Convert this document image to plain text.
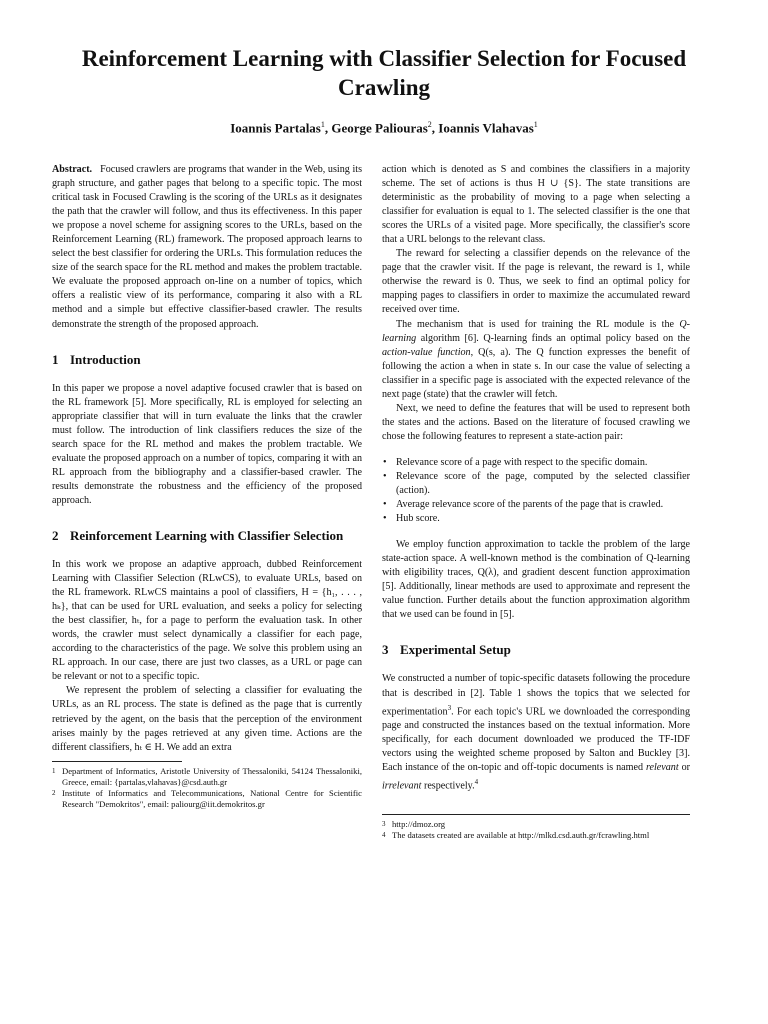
Reinforcement Learning with Classifier Selection for Focused Crawling
Ioannis Partalas$^1$, George Paliouras$^2$, Ioannis Vlahavas$^1$

Abstract. Focused crawlers are programs that wander in the Web, using its graph structure, and gather pages that belong to a specific topic. The most critical task in Focused Crawling is the scoring of the URLs as it designates the path that the crawler will follow, and thus its effectiveness. In this paper we propose a novel scheme for assigning scores to the URLs, based on the Reinforcement Learning (RL) framework. The proposed approach learns to select the best classifier for ordering the URLs. This formulation reduces the size of the search space for the RL method and makes the problem tractable. We evaluate the proposed approach on-line on a number of topics, which offers a realistic view of its performance, comparing it also with a RL method and a simple but effective classifier-based crawler. The results demonstrate the strength of the proposed approach.

1 Introduction

In this paper we propose a novel adaptive focused crawler that is based on the RL framework [5]. More specifically, RL is employed for selecting an appropriate classifier that will in turn evaluate the links that the crawler must follow. The introduction of link classifiers reduces the size of the search space for the RL method and makes the problem tractable. We evaluate the proposed approach on a number of topics, comparing it with an RL approach from the bibliography and a classifier-based crawler. The results demonstrate the robustness and the efficiency of the proposed approach.

2 Reinforcement Learning with Classifier Selection

In this work we propose an adaptive approach, dubbed Reinforcement Learning with Classifier Selection (RLwCS), to evaluate URLs, based on the RL framework. RLwCS maintains a pool of classifiers, H = {h₁, . . . , hₖ}, that can be used for URL evaluation, and seeks a policy for selecting the best classifier, hₜ, for a page to perform the evaluation task. In other words, the crawler must select dynamically a classifier for each page, according to the characteristics of the page. We solve this problem using an RL approach. In our case, there are just two classes, as a URL or page can be relevant or not to a specific topic.

We represent the problem of selecting a classifier for evaluating the URLs, as an RL process. The state is defined as the page that is currently retrieved by the agent, on the basis that the perception of the environment arises mainly by the pages retrieved at any given time. Actions are the different classifiers, hₜ ∈ H. We add an extra

1 Department of Informatics, Aristotle University of Thessaloniki, 54124 Thessaloniki, Greece, email: {partalas,vlahavas}@csd.auth.gr
2 Institute of Informatics and Telecommunications, National Centre for Scientific Research "Demokritos", email: paliourg@iit.demokritos.gr

action which is denoted as S and combines the classifiers in a majority scheme. The set of actions is thus H ∪ {S}. The state transitions are deterministic as the probability of moving to a page when selecting a classifier for evaluation is equal to 1. The selected classifier is the one that scores the URLs of a visited page. More specifically, the classifier's score that a URL belongs to the relevant class.

The reward for selecting a classifier depends on the relevance of the page that the crawler visit. If the page is relevant, the reward is 1, while otherwise the reward is 0. Thus, we seek to find an optimal policy for mapping pages to classifiers in order to maximize the accumulated reward received over time.

The mechanism that is used for training the RL module is the Q-learning algorithm [6]. Q-learning finds an optimal policy based on the action-value function, Q(s, a). The Q function expresses the benefit of following the action a when in state s. In our case the value of selecting a classifier in a specific page is associated with the expected relevance of the next page (state) that the crawler will fetch.

Next, we need to define the features that will be used to represent both the states and the actions. Based on the literature of focused crawling we chose the following features to represent a state-action pair:

• Relevance score of a page with respect to the specific domain.
• Relevance score of the page, computed by the selected classifier (action).
• Average relevance score of the parents of the page that is crawled.
• Hub score.

We employ function approximation to tackle the problem of the large state-action space. A well-known method is the combination of Q-learning with eligibility traces, Q(λ), and gradient descent function approximation [5]. Additionally, linear methods are used to approximate and represent the value function. Further details about the function approximation algorithm that we used can be found in [5].

3 Experimental Setup

We constructed a number of topic-specific datasets following the procedure that is described in [2]. Table 1 shows the topics that we selected for experimentation$^3$. For each topic's URL we downloaded the corresponding page and constructed the instances based on the textual information. More specifically, for each document downloaded we produced the TF-IDF vectors using the weighted scheme proposed by Salton and Buckley [3]. Each instance of the on-topic and off-topic documents is named relevant or irrelevant respectively.$^4$

3 http://dmoz.org
4 The datasets created are available at http://mlkd.csd.auth.gr/fcrawling.html
